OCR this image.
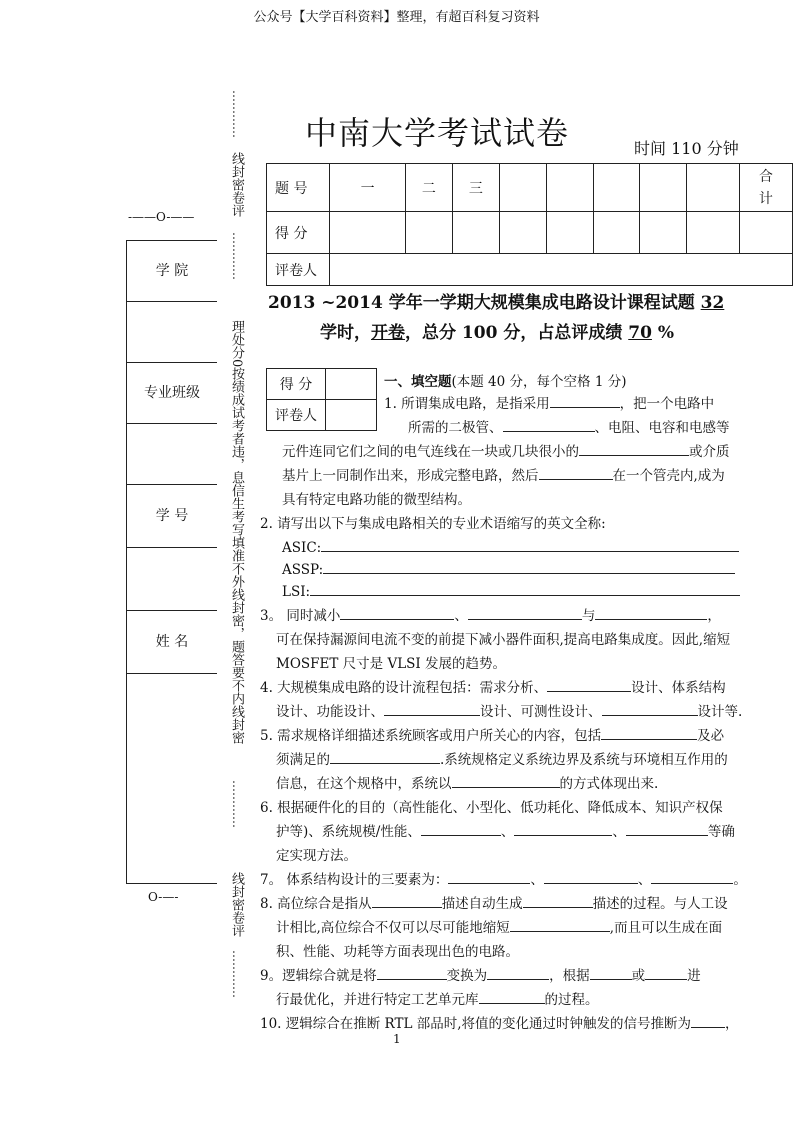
公众号【大学百科资料】整理，有超百科复习资料
中南大学考试试卷	时间 110 分钟
题 号	一	二	三						合
计
得 分									
评卷人									
2013 ~2014 学年一学期大规模集成电路设计课程试题 32
学时，开卷，总分 100 分，占总评成绩 70 %
-——O-——
学 院
专业班级
学 号
姓 名
O-—-
…………
线封密卷评
…………
理处分0按绩成试考者违，息信生考写填准不外线封密，题答要不内线封密
…………
线封密卷评
…………
得 分	
评卷人	
一、填空题(本题 40 分，每个空格 1 分)
1. 所谓集成电路，是指采用	，把一个电路中
所需的二极管、	、电阻、电容和电感等
元件连同它们之间的电气连线在一块或几块很小的	或介质
基片上一同制作出来，形成完整电路，然后	在一个管壳内,成为
具有特定电路功能的微型结构。
2. 请写出以下与集成电路相关的专业术语缩写的英文全称:
ASIC:
ASSP:
LSI:
3。 同时减小	、	与	，
可在保持漏源间电流不变的前提下减小器件面积,提高电路集成度。因此,缩短
MOSFET 尺寸是 VLSI 发展的趋势。
4. 大规模集成电路的设计流程包括：需求分析、	设计、体系结构
设计、功能设计、	设计、可测性设计、	设计等.
5. 需求规格详细描述系统顾客或用户所关心的内容，包括	及必
须满足的	.系统规格定义系统边界及系统与环境相互作用的
信息，在这个规格中，系统以	的方式体现出来.
6. 根据硬件化的目的（高性能化、小型化、低功耗化、降低成本、知识产权保
护等)、系统规模/性能、	、	、	等确
定实现方法。
7。 体系结构设计的三要素为：	、	、	。
8. 高位综合是指从	描述自动生成	描述的过程。与人工设
计相比,高位综合不仅可以尽可能地缩短	,而且可以生成在面
积、性能、功耗等方面表现出色的电路。
9。逻辑综合就是将	变换为	，根据	或	进
行最优化，并进行特定工艺单元库	的过程。
10. 逻辑综合在推断 RTL 部品时,将值的变化通过时钟触发的信号推断为	，
1
